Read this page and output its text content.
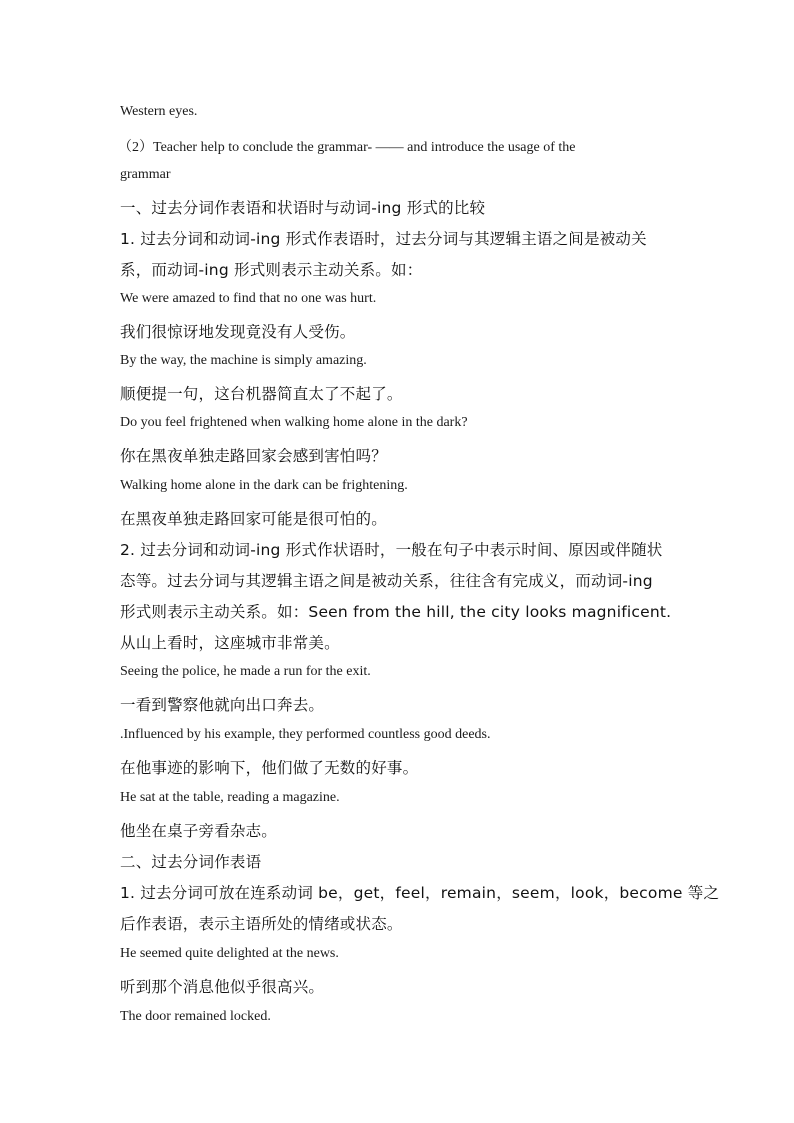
Western eyes.
（2）Teacher help to conclude the grammar- —— and introduce the usage of the
grammar
一、过去分词作表语和状语时与动词-ing 形式的比较
1. 过去分词和动词-ing 形式作表语时，过去分词与其逻辑主语之间是被动关
系，而动词-ing 形式则表示主动关系。如：
We were amazed to find that no one was hurt.
我们很惊讶地发现竟没有人受伤。
By the way, the machine is simply amazing.
顺便提一句，这台机器简直太了不起了。
Do you feel frightened when walking home alone in the dark?
你在黑夜单独走路回家会感到害怕吗？
Walking home alone in the dark can be frightening.
在黑夜单独走路回家可能是很可怕的。
2. 过去分词和动词-ing 形式作状语时，一般在句子中表示时间、原因或伴随状
态等。过去分词与其逻辑主语之间是被动关系，往往含有完成义，而动词-ing
形式则表示主动关系。如：Seen from the hill, the city looks magnificent.
从山上看时，这座城市非常美。
Seeing the police, he made a run for the exit.
一看到警察他就向出口奔去。
.Influenced by his example, they performed countless good deeds.
在他事迹的影响下，他们做了无数的好事。
He sat at the table, reading a magazine.
他坐在桌子旁看杂志。
二、过去分词作表语
1. 过去分词可放在连系动词 be，get，feel，remain，seem，look，become 等之
后作表语，表示主语所处的情绪或状态。
He seemed quite delighted at the news.
听到那个消息他似乎很高兴。
The door remained locked.
